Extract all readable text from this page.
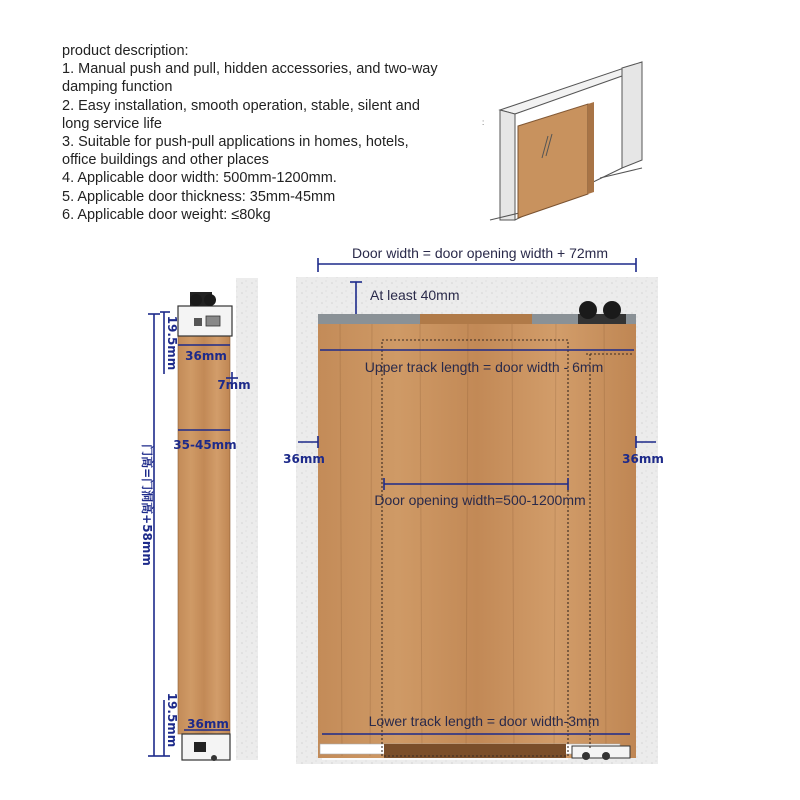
product description:
1. Manual push and pull, hidden accessories, and two-way
damping function
2. Easy installation, smooth operation, stable, silent and
long service life
3. Suitable for push-pull applications in homes, hotels,
office buildings and other places
4. Applicable door width: 500mm-1200mm.
5. Applicable door thickness: 35mm-45mm
6. Applicable door weight: ≤80kg
:
19.5mm 36mm
7mm
35-45mm
门高=门洞高+58mm
19.5mm 36mm
Door width = door opening width + 72mm
At least 40mm
Upper track length = door width - 6mm
36mm	36mm
Door opening width=500-1200mm
Lower track length = door width-3mm
